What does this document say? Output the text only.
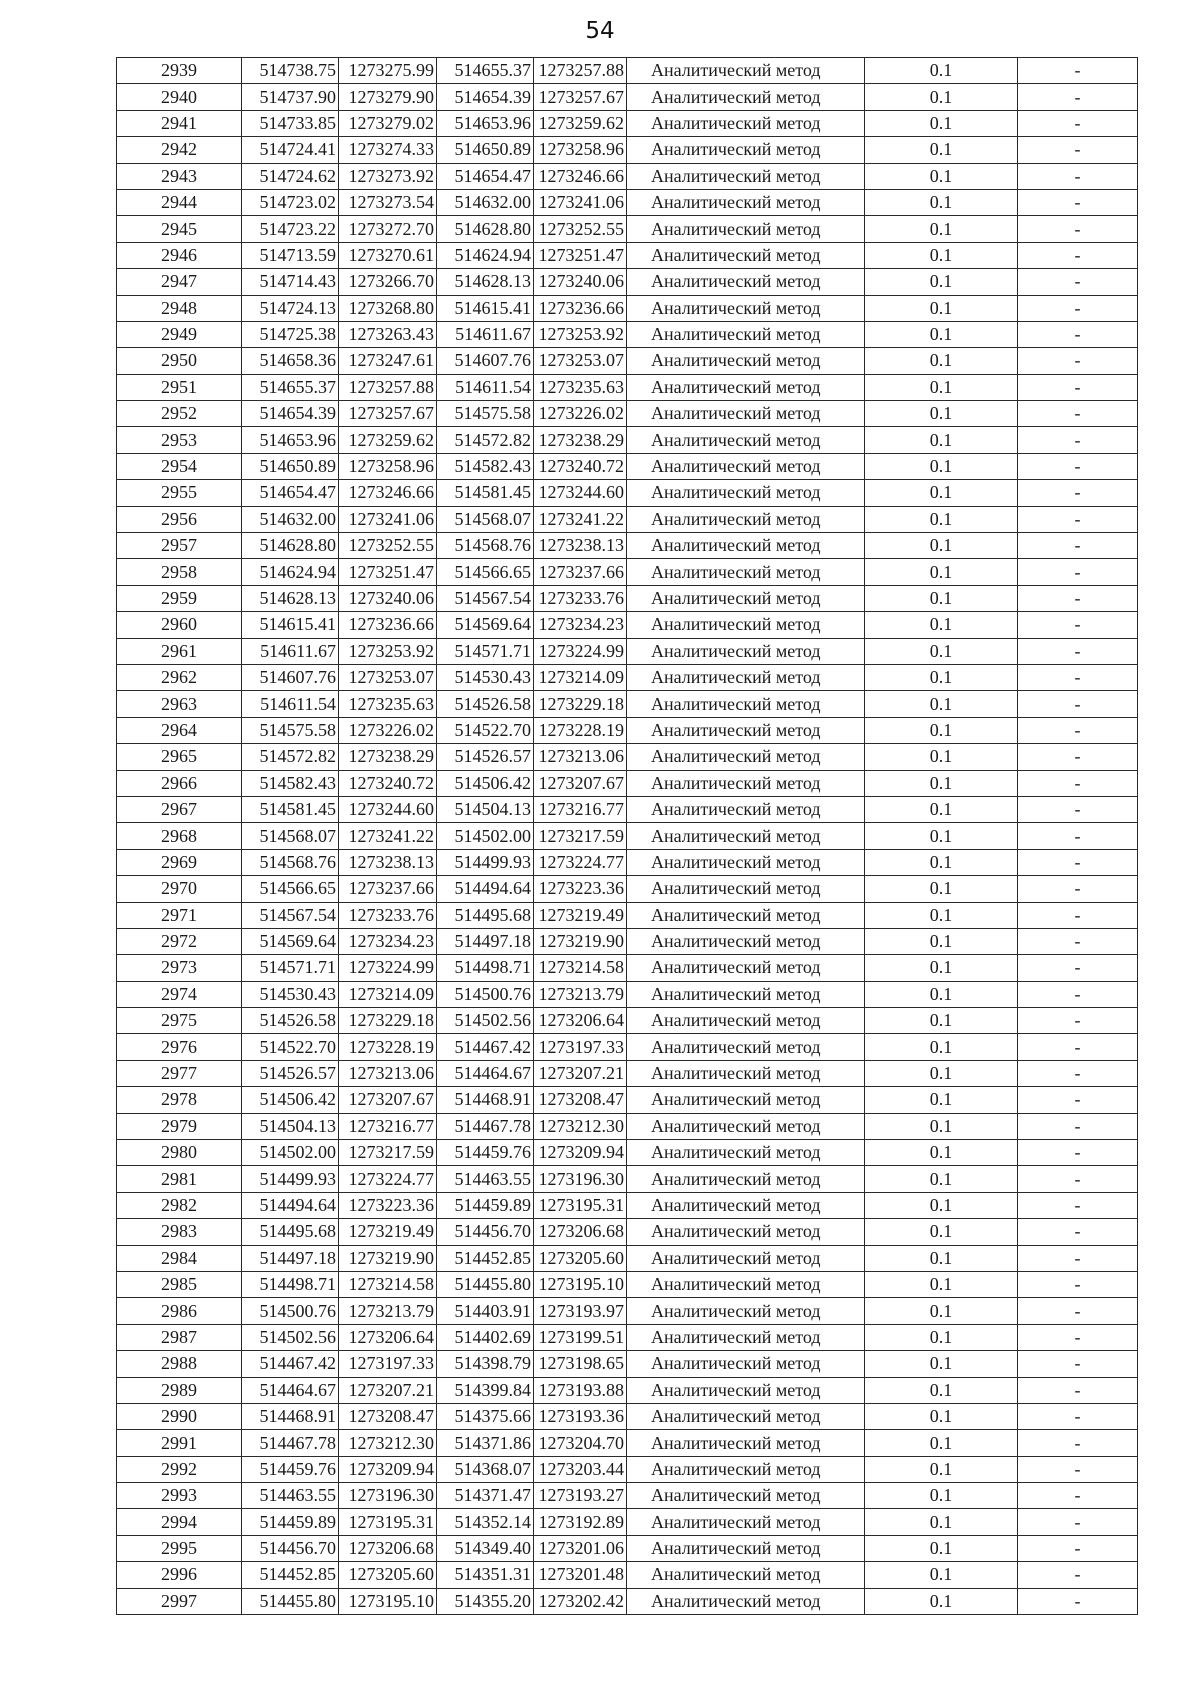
54
2939	514738.75	1273275.99	514655.37	1273257.88	Аналитический метод	0.1	-
2940	514737.90	1273279.90	514654.39	1273257.67	Аналитический метод	0.1	-
2941	514733.85	1273279.02	514653.96	1273259.62	Аналитический метод	0.1	-
2942	514724.41	1273274.33	514650.89	1273258.96	Аналитический метод	0.1	-
2943	514724.62	1273273.92	514654.47	1273246.66	Аналитический метод	0.1	-
2944	514723.02	1273273.54	514632.00	1273241.06	Аналитический метод	0.1	-
2945	514723.22	1273272.70	514628.80	1273252.55	Аналитический метод	0.1	-
2946	514713.59	1273270.61	514624.94	1273251.47	Аналитический метод	0.1	-
2947	514714.43	1273266.70	514628.13	1273240.06	Аналитический метод	0.1	-
2948	514724.13	1273268.80	514615.41	1273236.66	Аналитический метод	0.1	-
2949	514725.38	1273263.43	514611.67	1273253.92	Аналитический метод	0.1	-
2950	514658.36	1273247.61	514607.76	1273253.07	Аналитический метод	0.1	-
2951	514655.37	1273257.88	514611.54	1273235.63	Аналитический метод	0.1	-
2952	514654.39	1273257.67	514575.58	1273226.02	Аналитический метод	0.1	-
2953	514653.96	1273259.62	514572.82	1273238.29	Аналитический метод	0.1	-
2954	514650.89	1273258.96	514582.43	1273240.72	Аналитический метод	0.1	-
2955	514654.47	1273246.66	514581.45	1273244.60	Аналитический метод	0.1	-
2956	514632.00	1273241.06	514568.07	1273241.22	Аналитический метод	0.1	-
2957	514628.80	1273252.55	514568.76	1273238.13	Аналитический метод	0.1	-
2958	514624.94	1273251.47	514566.65	1273237.66	Аналитический метод	0.1	-
2959	514628.13	1273240.06	514567.54	1273233.76	Аналитический метод	0.1	-
2960	514615.41	1273236.66	514569.64	1273234.23	Аналитический метод	0.1	-
2961	514611.67	1273253.92	514571.71	1273224.99	Аналитический метод	0.1	-
2962	514607.76	1273253.07	514530.43	1273214.09	Аналитический метод	0.1	-
2963	514611.54	1273235.63	514526.58	1273229.18	Аналитический метод	0.1	-
2964	514575.58	1273226.02	514522.70	1273228.19	Аналитический метод	0.1	-
2965	514572.82	1273238.29	514526.57	1273213.06	Аналитический метод	0.1	-
2966	514582.43	1273240.72	514506.42	1273207.67	Аналитический метод	0.1	-
2967	514581.45	1273244.60	514504.13	1273216.77	Аналитический метод	0.1	-
2968	514568.07	1273241.22	514502.00	1273217.59	Аналитический метод	0.1	-
2969	514568.76	1273238.13	514499.93	1273224.77	Аналитический метод	0.1	-
2970	514566.65	1273237.66	514494.64	1273223.36	Аналитический метод	0.1	-
2971	514567.54	1273233.76	514495.68	1273219.49	Аналитический метод	0.1	-
2972	514569.64	1273234.23	514497.18	1273219.90	Аналитический метод	0.1	-
2973	514571.71	1273224.99	514498.71	1273214.58	Аналитический метод	0.1	-
2974	514530.43	1273214.09	514500.76	1273213.79	Аналитический метод	0.1	-
2975	514526.58	1273229.18	514502.56	1273206.64	Аналитический метод	0.1	-
2976	514522.70	1273228.19	514467.42	1273197.33	Аналитический метод	0.1	-
2977	514526.57	1273213.06	514464.67	1273207.21	Аналитический метод	0.1	-
2978	514506.42	1273207.67	514468.91	1273208.47	Аналитический метод	0.1	-
2979	514504.13	1273216.77	514467.78	1273212.30	Аналитический метод	0.1	-
2980	514502.00	1273217.59	514459.76	1273209.94	Аналитический метод	0.1	-
2981	514499.93	1273224.77	514463.55	1273196.30	Аналитический метод	0.1	-
2982	514494.64	1273223.36	514459.89	1273195.31	Аналитический метод	0.1	-
2983	514495.68	1273219.49	514456.70	1273206.68	Аналитический метод	0.1	-
2984	514497.18	1273219.90	514452.85	1273205.60	Аналитический метод	0.1	-
2985	514498.71	1273214.58	514455.80	1273195.10	Аналитический метод	0.1	-
2986	514500.76	1273213.79	514403.91	1273193.97	Аналитический метод	0.1	-
2987	514502.56	1273206.64	514402.69	1273199.51	Аналитический метод	0.1	-
2988	514467.42	1273197.33	514398.79	1273198.65	Аналитический метод	0.1	-
2989	514464.67	1273207.21	514399.84	1273193.88	Аналитический метод	0.1	-
2990	514468.91	1273208.47	514375.66	1273193.36	Аналитический метод	0.1	-
2991	514467.78	1273212.30	514371.86	1273204.70	Аналитический метод	0.1	-
2992	514459.76	1273209.94	514368.07	1273203.44	Аналитический метод	0.1	-
2993	514463.55	1273196.30	514371.47	1273193.27	Аналитический метод	0.1	-
2994	514459.89	1273195.31	514352.14	1273192.89	Аналитический метод	0.1	-
2995	514456.70	1273206.68	514349.40	1273201.06	Аналитический метод	0.1	-
2996	514452.85	1273205.60	514351.31	1273201.48	Аналитический метод	0.1	-
2997	514455.80	1273195.10	514355.20	1273202.42	Аналитический метод	0.1	-
